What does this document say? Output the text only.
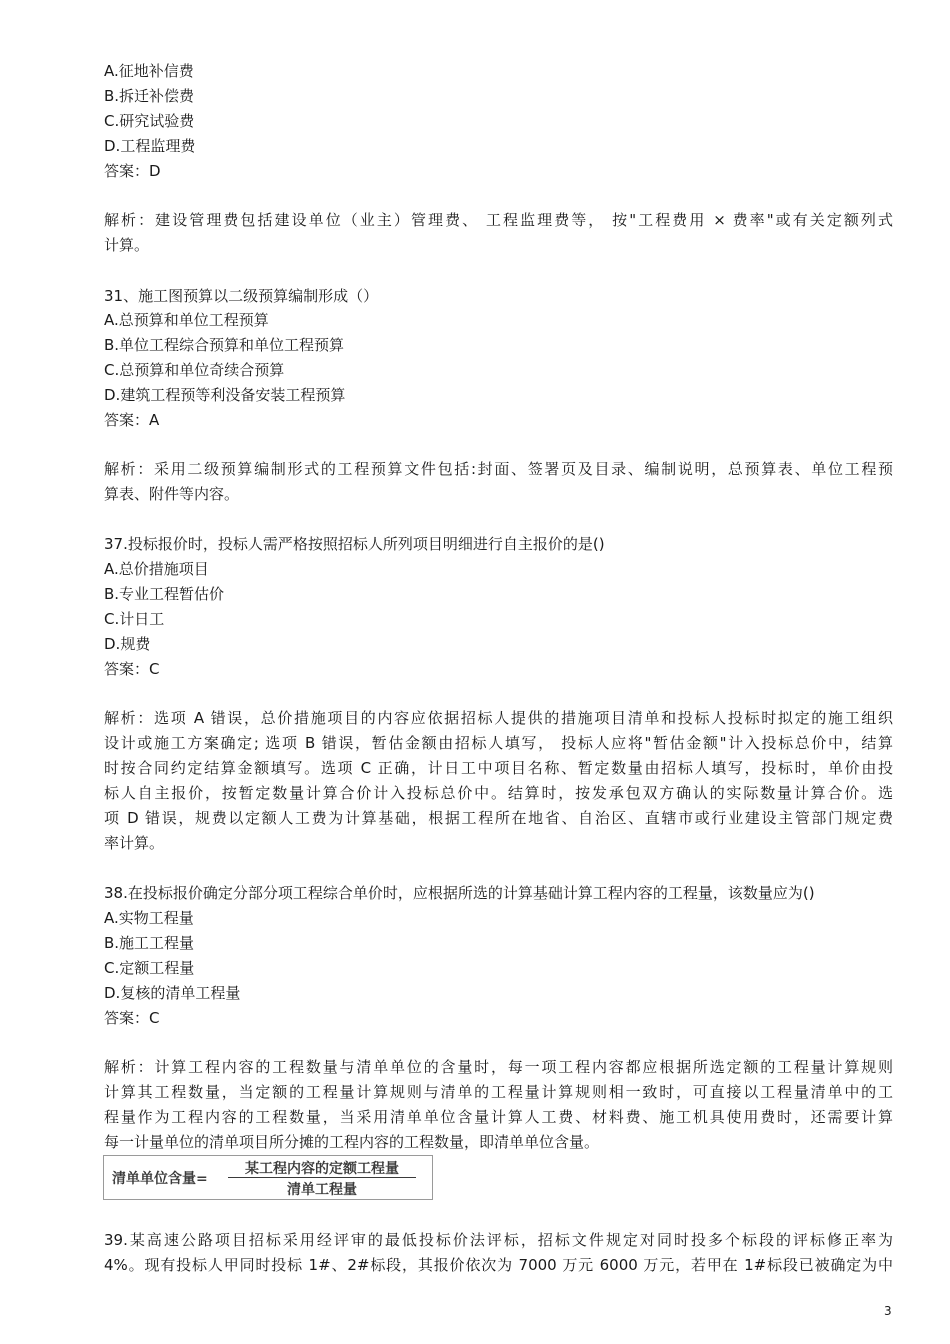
A.征地补信费
B.拆迁补偿费
C.研究试验费
D.工程监理费
答案：D
解析：建设管理费包括建设单位（业主）管理费、 工程监理费等， 按"工程费用 × 费率"或有关定额列式
计算。
31、施工图预算以二级预算编制形成（）
A.总预算和单位工程预算
B.单位工程综合预算和单位工程预算
C.总预算和单位奇续合预算
D.建筑工程预等利没备安装工程预算
答案：A
解析：采用二级预算编制形式的工程预算文件包括:封面、签署页及目录、编制说明，总预算表、单位工程预
算表、附件等内容。
37.投标报价时，投标人需严格按照招标人所列项目明细进行自主报价的是()
A.总价措施项目
B.专业工程暂估价
C.计日工
D.规费
答案：C
解析：选项 A 错误，总价措施项目的内容应依据招标人提供的措施项目清单和投标人投标时拟定的施工组织
设计或施工方案确定; 选项 B 错误，暂估金额由招标人填写， 投标人应将"暂估金额"计入投标总价中，结算
时按合同约定结算金额填写。选项 C 正确，计日工中项目名称、暂定数量由招标人填写，投标时，单价由投
标人自主报价，按暂定数量计算合价计入投标总价中。结算时，按发承包双方确认的实际数量计算合价。选
项 D 错误，规费以定额人工费为计算基础，根据工程所在地省、自治区、直辖市或行业建设主管部门规定费
率计算。
38.在投标报价确定分部分项工程综合单价时，应根据所选的计算基础计算工程内容的工程量，该数量应为()
A.实物工程量
B.施工工程量
C.定额工程量
D.复核的清单工程量
答案：C
解析：计算工程内容的工程数量与清单单位的含量时，每一项工程内容都应根据所选定额的工程量计算规则
计算其工程数量，当定额的工程量计算规则与清单的工程量计算规则相一致时，可直接以工程量清单中的工
程量作为工程内容的工程数量，当采用清单单位含量计算人工费、材料费、施工机具使用费时，还需要计算
每一计量单位的清单项目所分摊的工程内容的工程数量，即清单单位含量。
清单单位含量=
某工程内容的定额工程量
清单工程量
39.某高速公路项目招标采用经评审的最低投标价法评标，招标文件规定对同时投多个标段的评标修正率为
4%。现有投标人甲同时投标 1#、2#标段，其报价依次为 7000 万元 6000 万元，若甲在 1#标段已被确定为中
3
